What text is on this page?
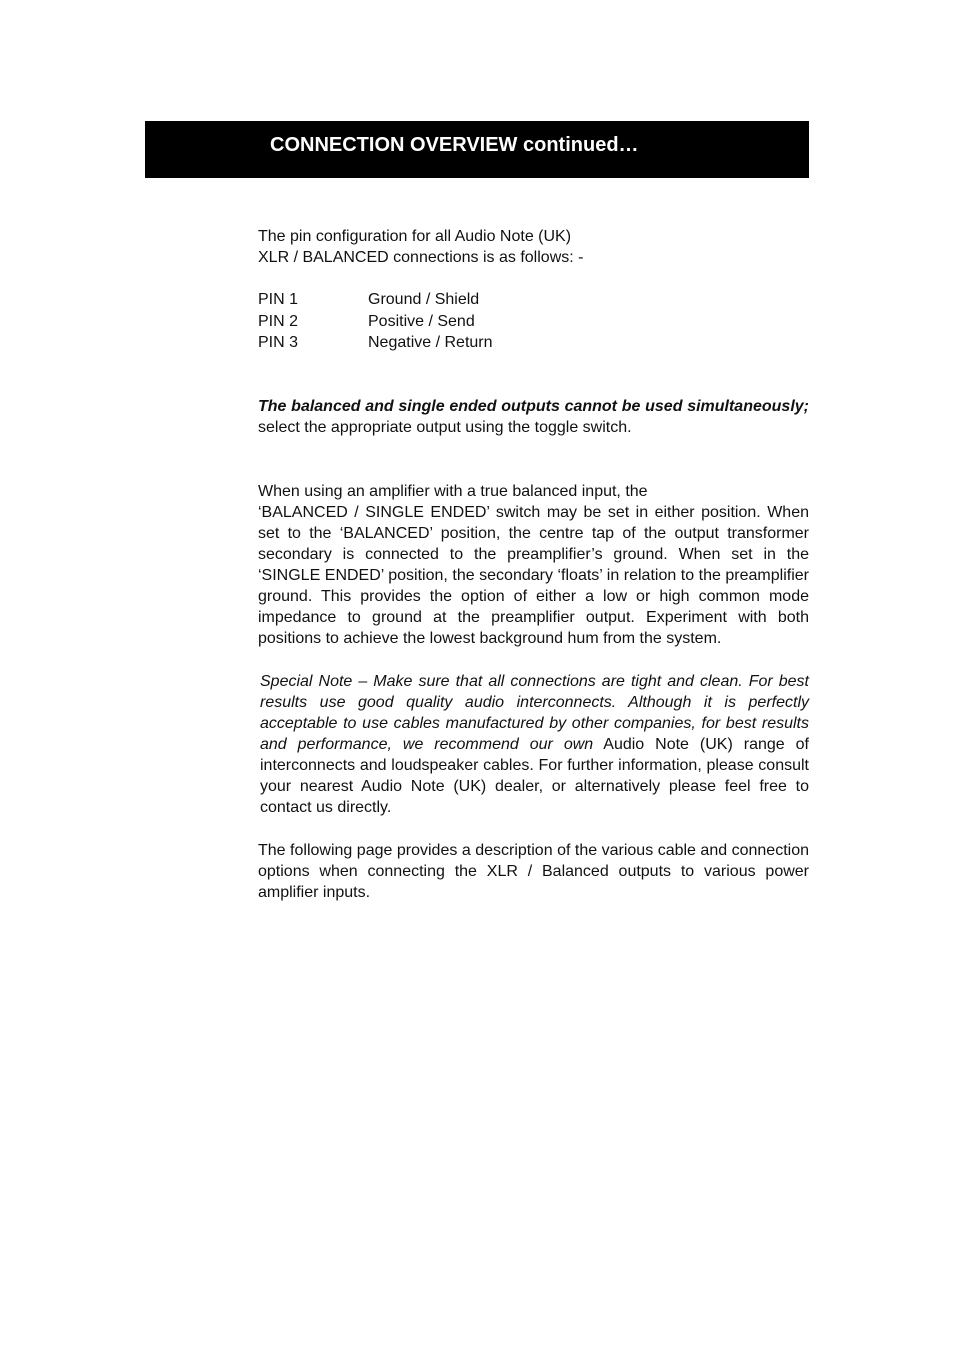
CONNECTION OVERVIEW continued…

The pin configuration for all Audio Note (UK)
XLR / BALANCED connections is as follows: -

PIN 1	Ground / Shield
PIN 2	Positive / Send
PIN 3	Negative / Return

The balanced and single ended outputs cannot be used simultaneously; select the appropriate output using the toggle switch.

When using an amplifier with a true balanced input, the

‘BALANCED / SINGLE ENDED’ switch may be set in either position. When set to the ‘BALANCED’ position, the centre tap of the output transformer secondary is connected to the preamplifier’s ground. When set in the ‘SINGLE ENDED’ position, the secondary ‘floats’ in relation to the preamplifier ground. This provides the option of either a low or high common mode impedance to ground at the preamplifier output. Experiment with both positions to achieve the lowest background hum from the system.

Special Note – Make sure that all connections are tight and clean. For best results use good quality audio interconnects. Although it is perfectly acceptable to use cables manufactured by other companies, for best results and performance, we recommend our own Audio Note (UK) range of interconnects and loudspeaker cables. For further information, please consult your nearest Audio Note (UK) dealer, or alternatively please feel free to contact us directly.

The following page provides a description of the various cable and connection options when connecting the XLR / Balanced outputs to various power amplifier inputs.
